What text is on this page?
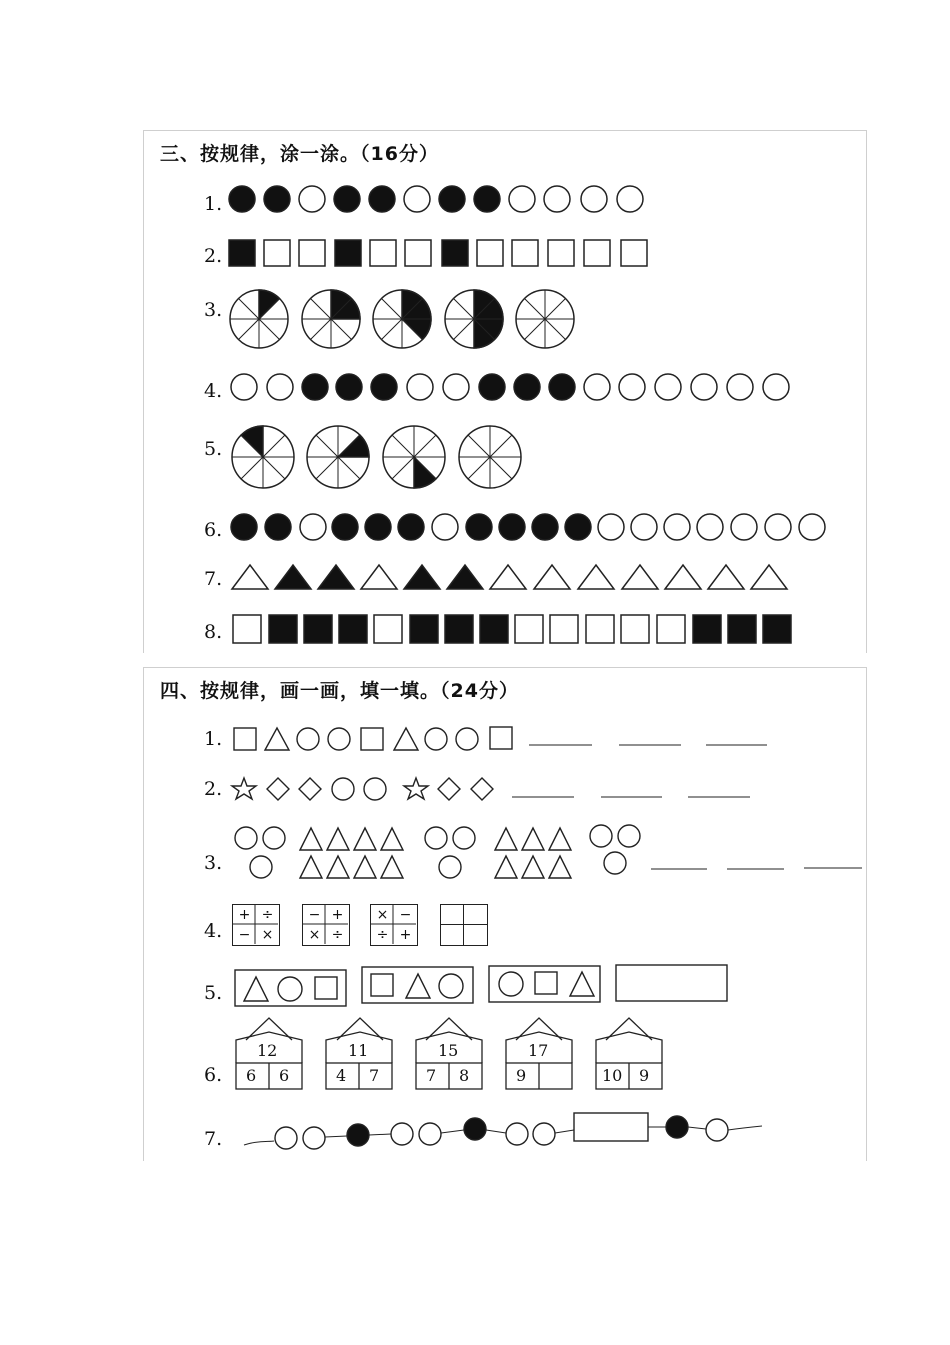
三、按规律，涂一涂。（16分）
1.
2.
3.
4.
5.
6.
7.
8.
四、按规律，画一画，填一填。（24分）
1.
2.
3.
4.
5.
6.
7.
+ ÷
− ×
− +
× ÷
× −
÷ +
12
6 6
11
4 7
15
7 8
17
9	10 9
